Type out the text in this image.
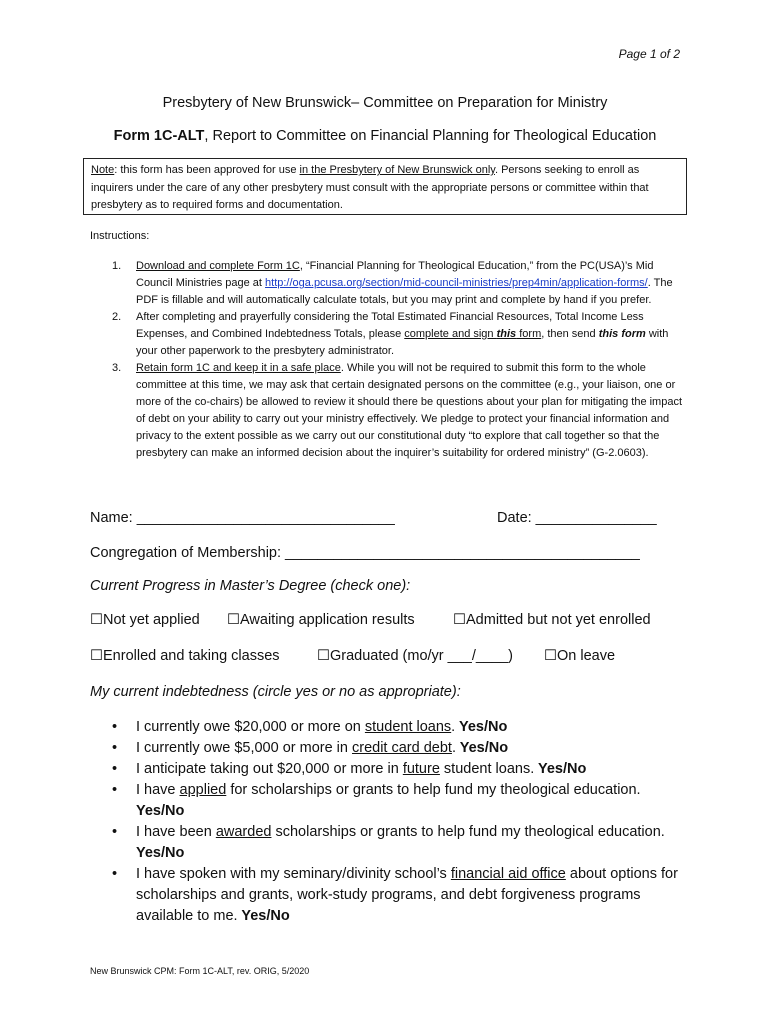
Page 1 of 2
Presbytery of New Brunswick– Committee on Preparation for Ministry
Form 1C-ALT, Report to Committee on Financial Planning for Theological Education
Note: this form has been approved for use in the Presbytery of New Brunswick only. Persons seeking to enroll as inquirers under the care of any other presbytery must consult with the appropriate persons or committee within that presbytery as to required forms and documentation.
Instructions:
1.	Download and complete Form 1C, “Financial Planning for Theological Education,” from the PC(USA)’s Mid Council Ministries page at http://oga.pcusa.org/section/mid-council-ministries/prep4min/application-forms/. The PDF is fillable and will automatically calculate totals, but you may print and complete by hand if you prefer.
2.	After completing and prayerfully considering the Total Estimated Financial Resources, Total Income Less Expenses, and Combined Indebtedness Totals, please complete and sign this form, then send this form with your other paperwork to the presbytery administrator.
3.	Retain form 1C and keep it in a safe place. While you will not be required to submit this form to the whole committee at this time, we may ask that certain designated persons on the committee (e.g., your liaison, one or more of the co-chairs) be allowed to review it should there be questions about your plan for mitigating the impact of debt on your ability to carry out your ministry effectively. We pledge to protect your financial information and privacy to the extent possible as we carry out our constitutional duty “to explore that call together so that the presbytery can make an informed decision about the inquirer’s suitability for ordered ministry” (G-2.0603).
Name: ________________________________	Date: _______________
Congregation of Membership: ____________________________________________
Current Progress in Master’s Degree (check one):
☐Not yet applied ☐Awaiting application results	☐Admitted but not yet enrolled
☐Enrolled and taking classes	☐Graduated (mo/yr ___/____) ☐On leave
My current indebtedness (circle yes or no as appropriate):
•	I currently owe $20,000 or more on student loans. Yes/No
•	I currently owe $5,000 or more in credit card debt. Yes/No
•	I anticipate taking out $20,000 or more in future student loans. Yes/No
•	I have applied for scholarships or grants to help fund my theological education. Yes/No
•	I have been awarded scholarships or grants to help fund my theological education. Yes/No
•	I have spoken with my seminary/divinity school’s financial aid office about options for scholarships and grants, work-study programs, and debt forgiveness programs available to me. Yes/No
New Brunswick CPM: Form 1C-ALT, rev. ORIG, 5/2020
